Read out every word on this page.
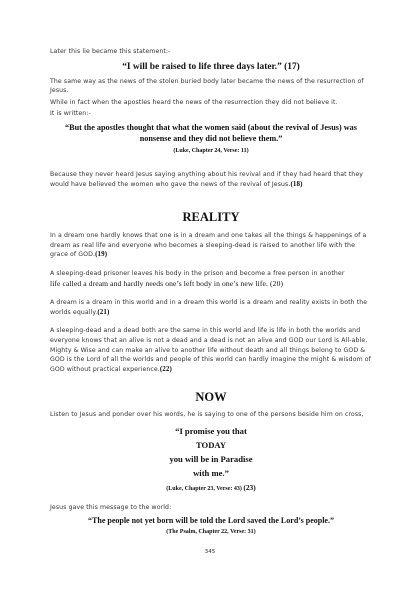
Later this lie became this statement:-

“I will be raised to life three days later.” (17)

The same way as the news of the stolen buried body later became the news of the resurrection of Jesus.

While in fact when the apostles heard the news of the resurrection they did not believe it.

It is written:-

“But the apostles thought that what the women said (about the revival of Jesus) was nonsense and they did not believe them.”

(Luke, Chapter 24, Verse: 11)

Because they never heard Jesus saying anything about his revival and if they had heard that they would have believed the women who gave the news of the revival of Jesus.(18)

REALITY

In a dream one hardly knows that one is in a dream and one takes all the things & happenings of a dream as real life and everyone who becomes a sleeping-dead is raised to another life with the grace of GOD.(19)

A sleeping-dead prisoner leaves his body in the prison and become a free person in another
life called a dream and hardly needs one’s left body in one’s new life. (20)

A dream is a dream in this world and in a dream this world is a dream and reality exists in both the worlds equally.(21)

A sleeping-dead and a dead both are the same in this world and life is life in both the worlds and everyone knows that an alive is not a dead and a dead is not an alive and GOD our Lord is All-able, Mighty & Wise and can make an alive to another life without death and all things belong to GOD & GOD is the Lord of all the worlds and people of this world can hardly imagine the might & wisdom of GOD without practical experience.(22)

NOW

Listen to Jesus and ponder over his words, he is saying to one of the persons beside him on cross,

“I promise you that

TODAY

you will be in Paradise

with me.”

(Luke, Chapter 23, Verse: 43) (23)

Jesus gave this message to the world:

“The people not yet born will be told the Lord saved the Lord’s people.”

(The Psalm, Chapter 22, Verse: 31)

345
